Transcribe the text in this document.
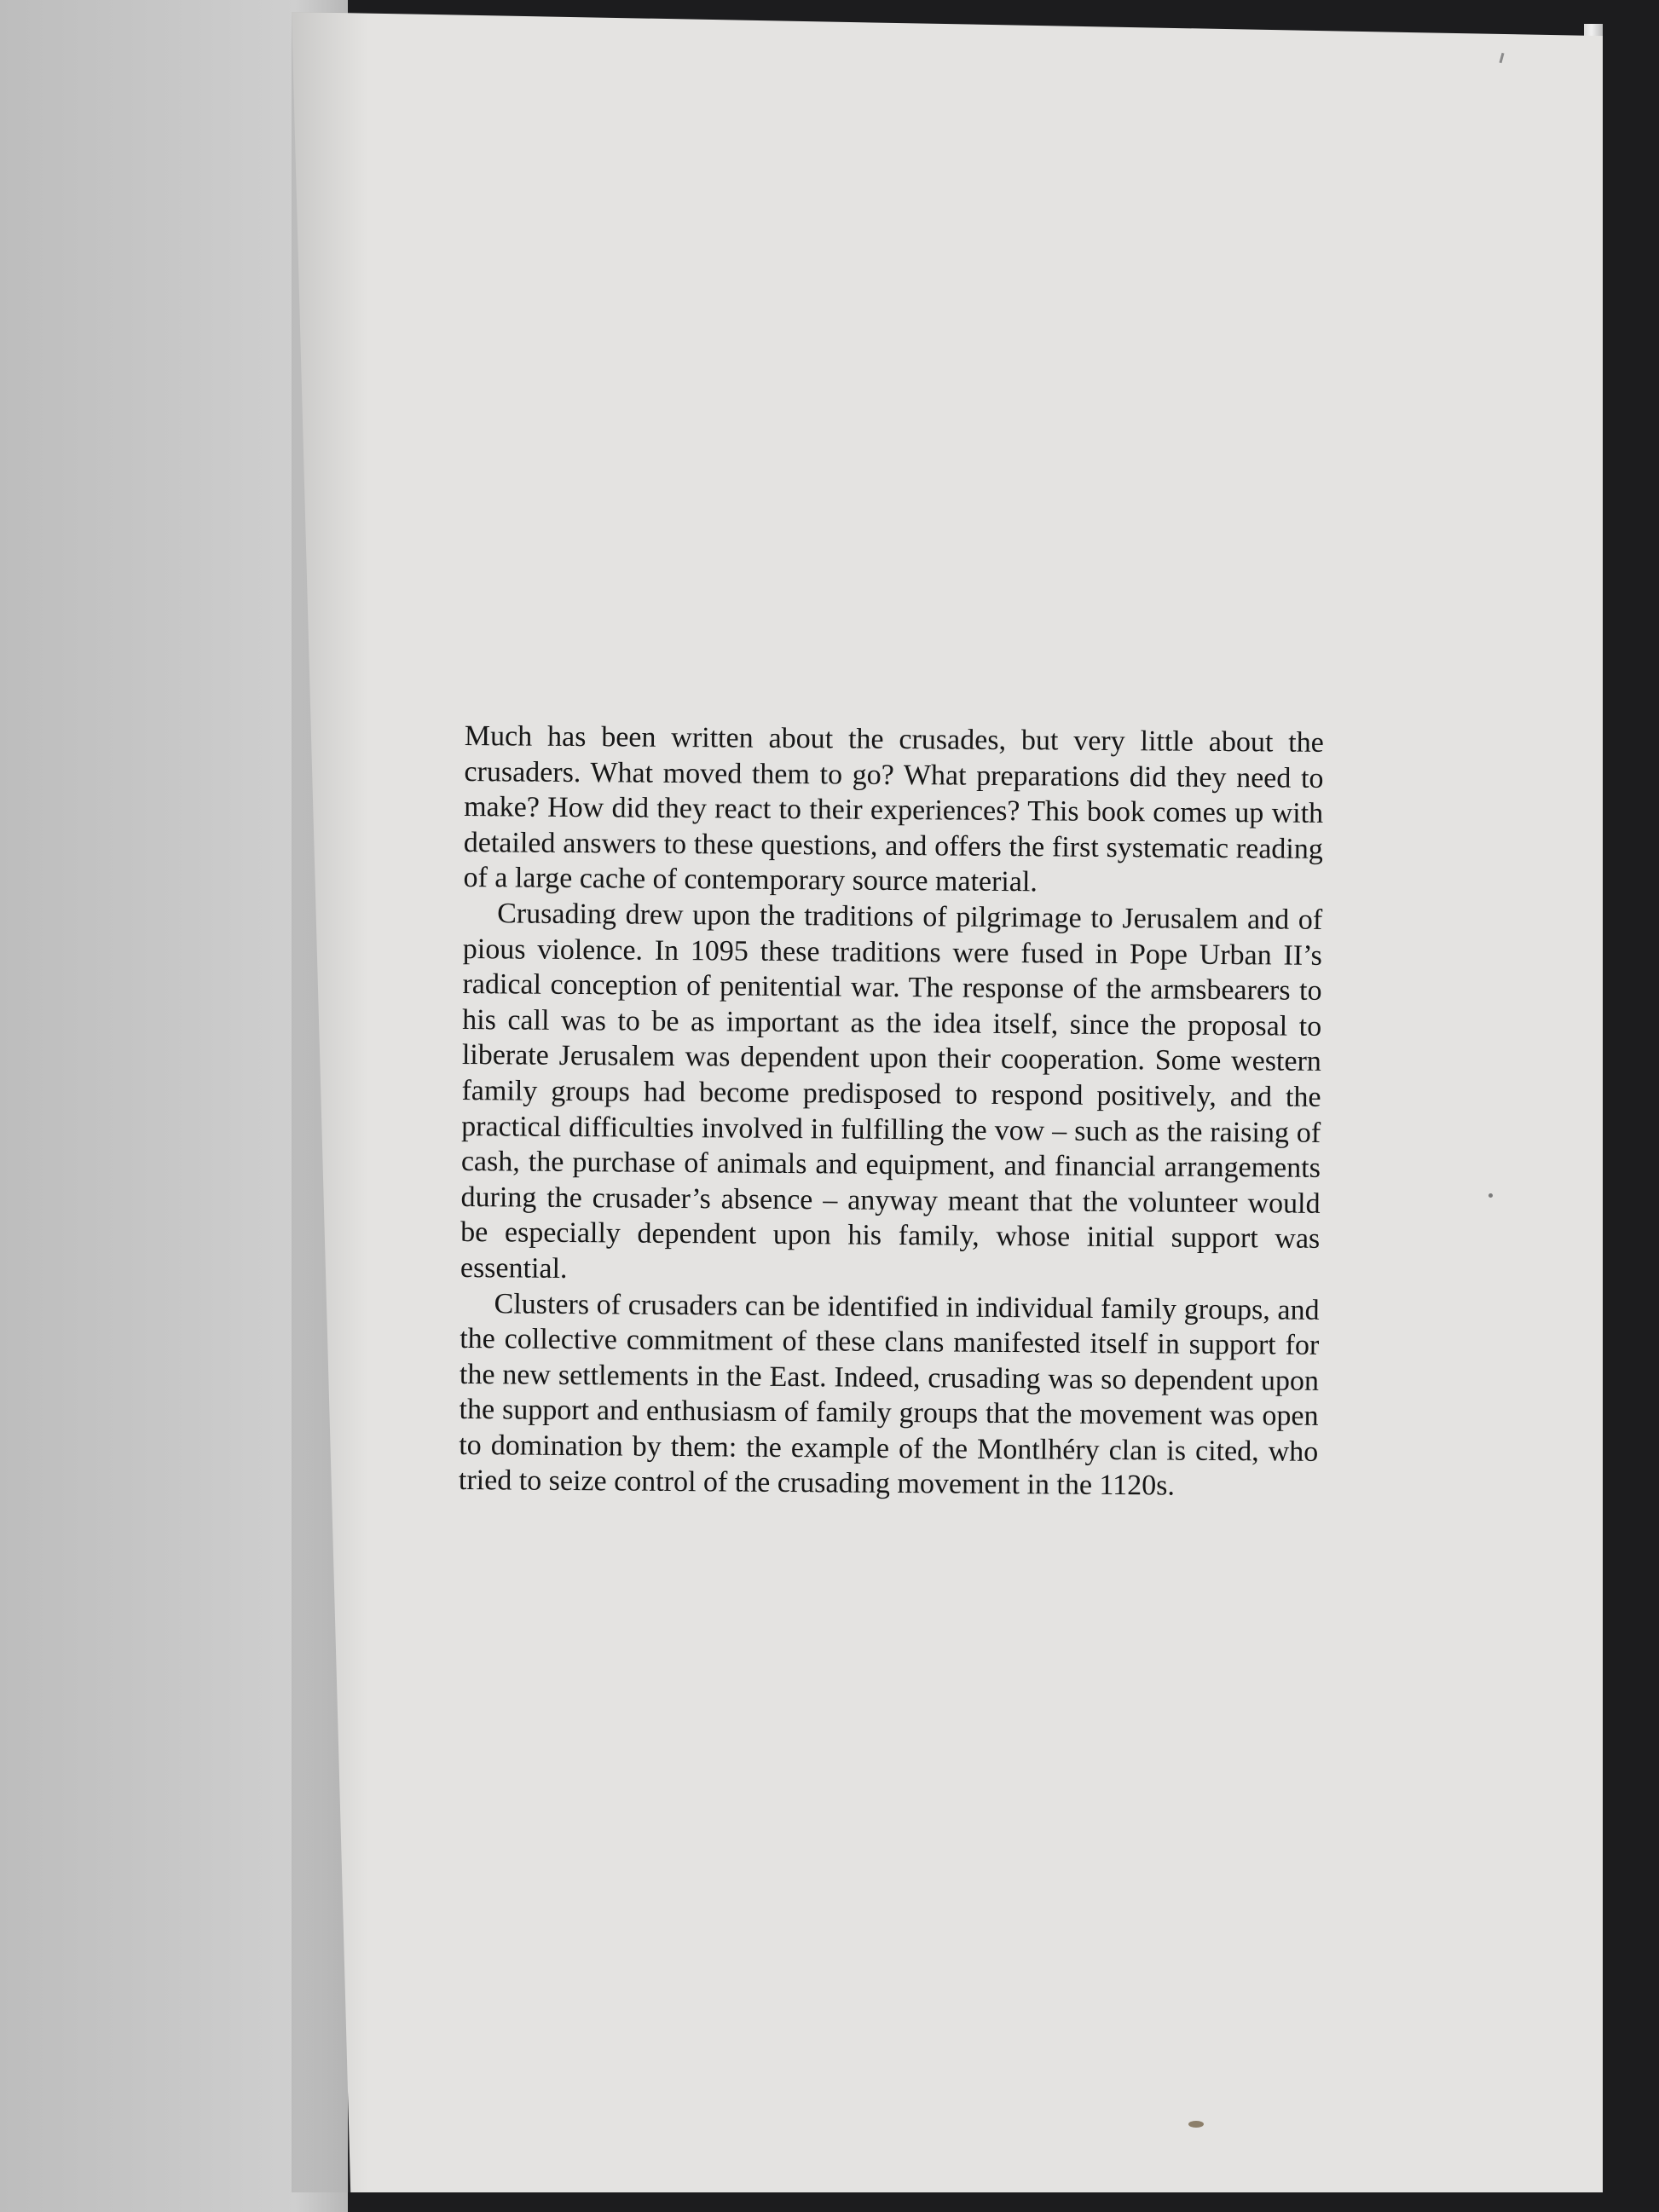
Much has been written about the crusades, but very little about the crusaders. What moved them to go? What preparations did they need to make? How did they react to their experiences? This book comes up with detailed answers to these questions, and offers the first systematic reading of a large cache of contemporary source material.

Crusading drew upon the traditions of pilgrimage to Jerusalem and of pious violence. In 1095 these traditions were fused in Pope Urban II’s radical conception of penitential war. The response of the armsbearers to his call was to be as important as the idea itself, since the proposal to liberate Jerusalem was dependent upon their cooperation. Some western family groups had become predisposed to respond positively, and the practical difficulties involved in fulfilling the vow – such as the raising of cash, the purchase of animals and equipment, and financial arrangements during the crusader’s absence – anyway meant that the volunteer would be especially dependent upon his family, whose initial support was essential.

Clusters of crusaders can be identified in individual family groups, and the collective commitment of these clans manifested itself in support for the new settlements in the East. Indeed, crusading was so dependent upon the support and enthusiasm of family groups that the movement was open to domination by them: the example of the Montlhéry clan is cited, who tried to seize control of the crusading movement in the 1120s.
